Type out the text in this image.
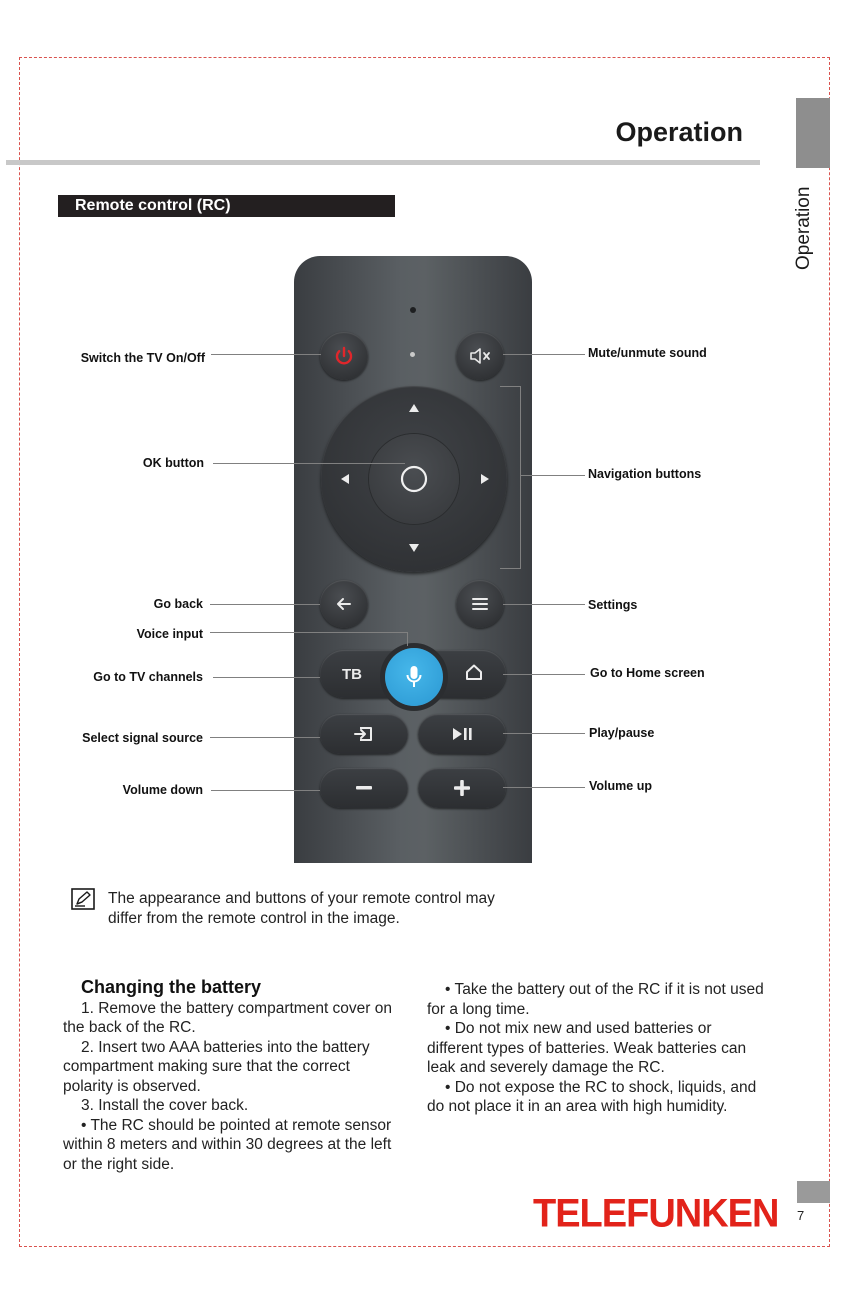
Operation
Operation
Remote control (RC)
TB
Switch the TV On/Off
OK button
Go back
Voice input
Go to TV channels
Select signal source
Volume down
Mute/unmute sound
Navigation buttons
Settings
Go to Home screen
Play/pause
Volume up
The appearance and buttons of your remote control may differ from the remote control in the image.
Changing the battery

1. Remove the battery compartment cover on the back of the RC.

2. Insert two AAA batteries into the battery compartment making sure that the correct polarity is observed.

3. Install the cover back.

• The RC should be pointed at remote sensor within 8 meters and within 30 degrees at the left or the right side.

• Take the battery out of the RC if it is not used for a long time.

• Do not mix new and used batteries or different types of batteries. Weak batteries can leak and severely damage the RC.

• Do not expose the RC to shock, liquids, and do not place it in an area with high humidity.

TELEFUNKEN 7
